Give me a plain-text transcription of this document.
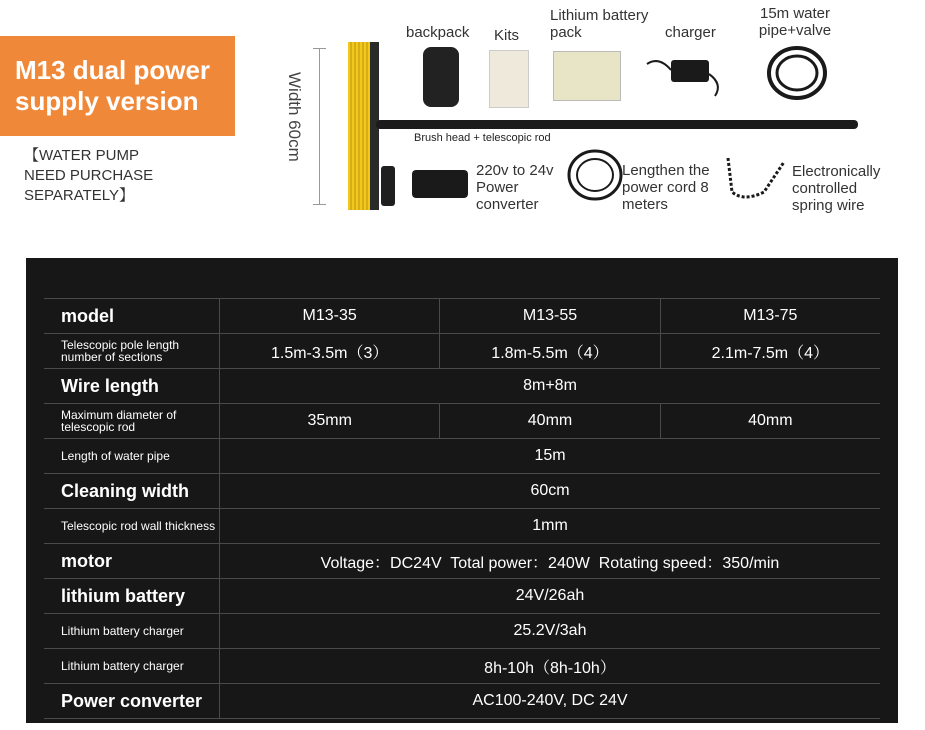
M13 dual power supply version
【WATER PUMP NEED PURCHASE SEPARATELY】
Width 60cm	Brush head + telescopic rod
backpack Kits
Lithium battery pack	charger
15m water pipe+valve
220v to 24v Power converter
Lengthen the power cord 8 meters
Electronically controlled spring wire
model	M13-35	M13-55	M13-75
Telescopic pole length number of sections	1.5m-3.5m（3）	1.8m-5.5m（4）	2.1m-7.5m（4）
Wire length	8m+8m
Maximum diameter of telescopic rod	35mm	40mm	40mm
Length of water pipe	15m
Cleaning width	60cm
Telescopic rod wall thickness	1mm
motor	Voltage：DC24V  Total power：240W  Rotating speed：350/min
lithium battery	24V/26ah
Lithium battery charger	25.2V/3ah
Lithium battery charger	8h-10h（8h-10h）
Power converter	AC100-240V, DC 24V
